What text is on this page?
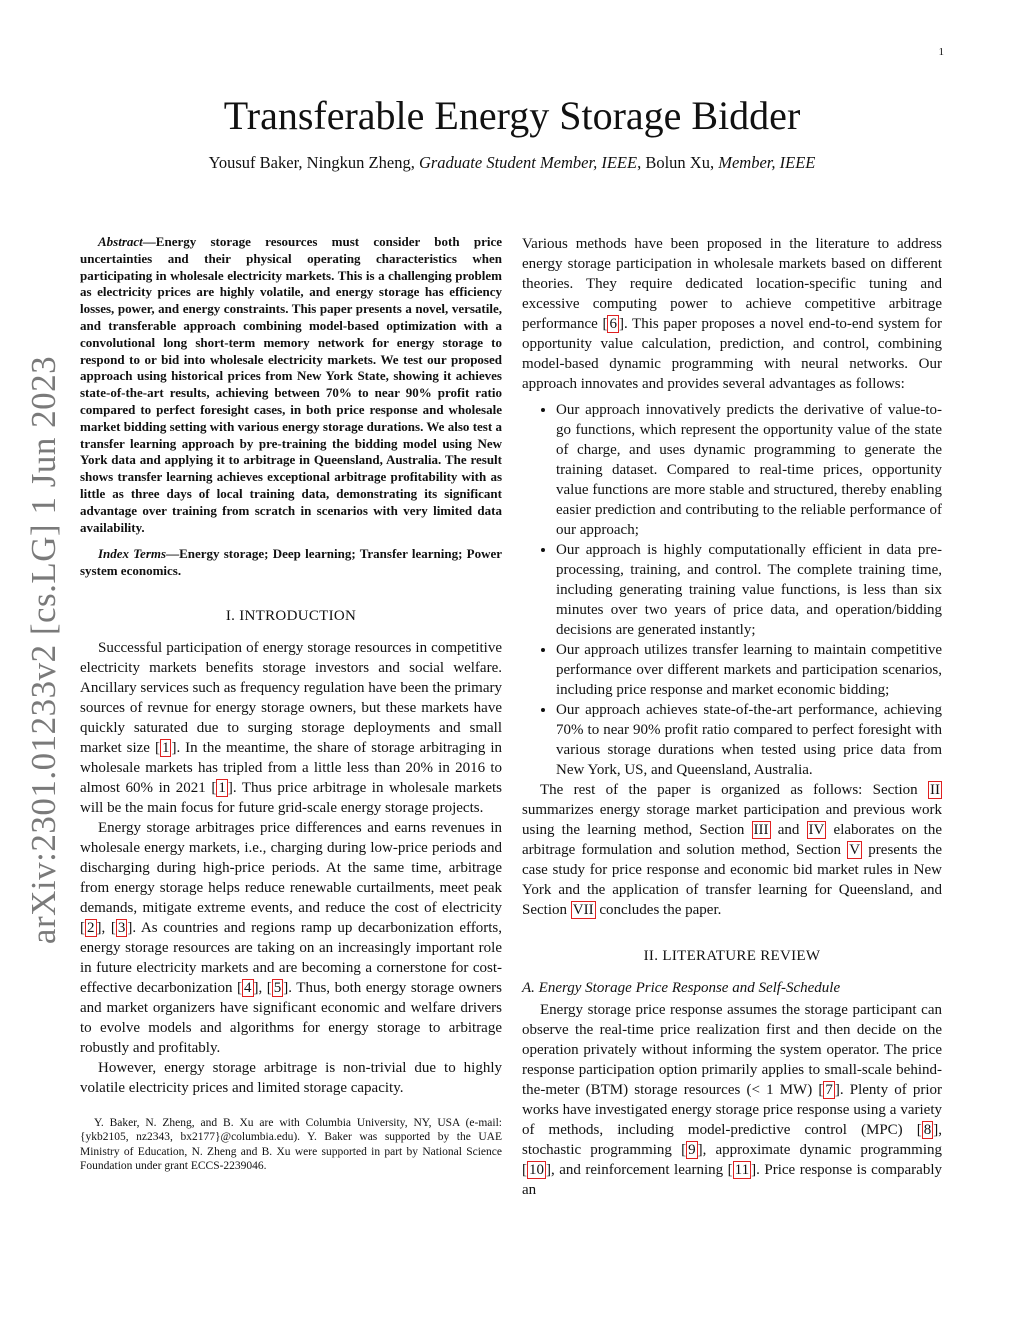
1
arXiv:2301.01233v2 [cs.LG] 1 Jun 2023
Transferable Energy Storage Bidder
Yousuf Baker, Ningkun Zheng, Graduate Student Member, IEEE, Bolun Xu, Member, IEEE

Abstract—Energy storage resources must consider both price uncertainties and their physical operating characteristics when participating in wholesale electricity markets. This is a challenging problem as electricity prices are highly volatile, and energy storage has efficiency losses, power, and energy constraints. This paper presents a novel, versatile, and transferable approach combining model-based optimization with a convolutional long short-term memory network for energy storage to respond to or bid into wholesale electricity markets. We test our proposed approach using historical prices from New York State, showing it achieves state-of-the-art results, achieving between 70% to near 90% profit ratio compared to perfect foresight cases, in both price response and wholesale market bidding setting with various energy storage durations. We also test a transfer learning approach by pre-training the bidding model using New York data and applying it to arbitrage in Queensland, Australia. The result shows transfer learning achieves exceptional arbitrage profitability with as little as three days of local training data, demonstrating its significant advantage over training from scratch in scenarios with very limited data availability.

Index Terms—Energy storage; Deep learning; Transfer learning; Power system economics.

I. INTRODUCTION

Successful participation of energy storage resources in competitive electricity markets benefits storage investors and social welfare. Ancillary services such as frequency regulation have been the primary sources of revnue for energy storage owners, but these markets have quickly saturated due to surging storage deployments and small market size [ 1 ]. In the meantime, the share of storage arbitraging in wholesale markets has tripled from a little less than 20% in 2016 to almost 60% in 2021 [ 1 ]. Thus price arbitrage in wholesale markets will be the main focus for future grid-scale energy storage projects.

Energy storage arbitrages price differences and earns revenues in wholesale energy markets, i.e., charging during low-price periods and discharging during high-price periods. At the same time, arbitrage from energy storage helps reduce renewable curtailments, meet peak demands, mitigate extreme events, and reduce the cost of electricity [ 2 ], [ 3 ]. As countries and regions ramp up decarbonization efforts, energy storage resources are taking on an increasingly important role in future electricity markets and are becoming a cornerstone for cost-effective decarbonization [ 4 ], [ 5 ]. Thus, both energy storage owners and market organizers have significant economic and welfare drivers to evolve models and algorithms for energy storage to arbitrage robustly and profitably.

However, energy storage arbitrage is non-trivial due to highly volatile electricity prices and limited storage capacity.

Y. Baker, N. Zheng, and B. Xu are with Columbia University, NY, USA (e-mail: {ykb2105, nz2343, bx2177}@columbia.edu). Y. Baker was supported by the UAE Ministry of Education, N. Zheng and B. Xu were supported in part by National Science Foundation under grant ECCS-2239046.

Various methods have been proposed in the literature to address energy storage participation in wholesale markets based on different theories. They require dedicated location-specific tuning and excessive computing power to achieve competitive arbitrage performance [ 6 ]. This paper proposes a novel end-to-end system for opportunity value calculation, prediction, and control, combining model-based dynamic programming with neural networks. Our approach innovates and provides several advantages as follows:

• Our approach innovatively predicts the derivative of value-to-go functions, which represent the opportunity value of the state of charge, and uses dynamic programming to generate the training dataset. Compared to real-time prices, opportunity value functions are more stable and structured, thereby enabling easier prediction and contributing to the reliable performance of our approach;
• Our approach is highly computationally efficient in data pre-processing, training, and control. The complete training time, including generating training value functions, is less than six minutes over two years of price data, and operation/bidding decisions are generated instantly;
• Our approach utilizes transfer learning to maintain competitive performance over different markets and participation scenarios, including price response and market economic bidding;
• Our approach achieves state-of-the-art performance, achieving 70% to near 90% profit ratio compared to perfect foresight with various storage durations when tested using price data from New York, US, and Queensland, Australia.

The rest of the paper is organized as follows: Section II summarizes energy storage market participation and previous work using the learning method, Section III and IV elaborates on the arbitrage formulation and solution method, Section V presents the case study for price response and economic bid market rules in New York and the application of transfer learning for Queensland, and Section VII concludes the paper.

II. LITERATURE REVIEW
A. Energy Storage Price Response and Self-Schedule

Energy storage price response assumes the storage participant can observe the real-time price realization first and then decide on the operation privately without informing the system operator. The price response participation option primarily applies to small-scale behind-the-meter (BTM) storage resources (< 1 MW) [ 7 ]. Plenty of prior works have investigated energy storage price response using a variety of methods, including model-predictive control (MPC) [ 8 ], stochastic programming [ 9 ], approximate dynamic programming [ 10 ], and reinforcement learning [ 11 ]. Price response is comparably an
